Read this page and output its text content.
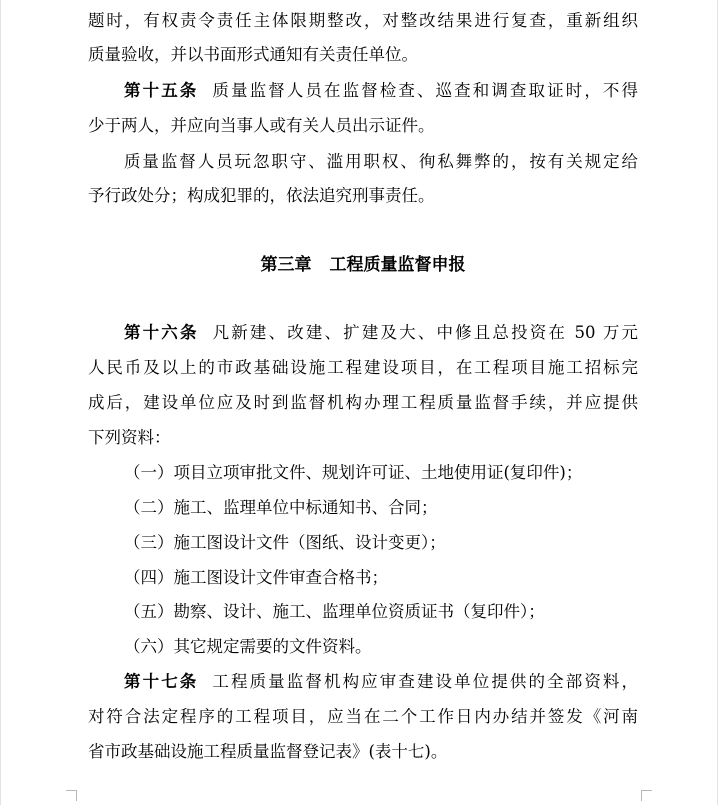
题时，有权责令责任主体限期整改，对整改结果进行复查，重新组织
质量验收，并以书面形式通知有关责任单位。
第十五条 质量监督人员在监督检查、巡查和调查取证时，不得
少于两人，并应向当事人或有关人员出示证件。
质量监督人员玩忽职守、滥用职权、徇私舞弊的，按有关规定给
予行政处分；构成犯罪的，依法追究刑事责任。
第三章 工程质量监督申报
第十六条 凡新建、改建、扩建及大、中修且总投资在 50 万元
人民币及以上的市政基础设施工程建设项目，在工程项目施工招标完
成后，建设单位应及时到监督机构办理工程质量监督手续，并应提供
下列资料：
（一）项目立项审批文件、规划许可证、土地使用证(复印件)；
（二）施工、监理单位中标通知书、合同；
（三）施工图设计文件（图纸、设计变更）；
（四）施工图设计文件审查合格书；
（五）勘察、设计、施工、监理单位资质证书（复印件）；
（六）其它规定需要的文件资料。
第十七条 工程质量监督机构应审查建设单位提供的全部资料，
对符合法定程序的工程项目，应当在二个工作日内办结并签发《河南
省市政基础设施工程质量监督登记表》(表十七)。
